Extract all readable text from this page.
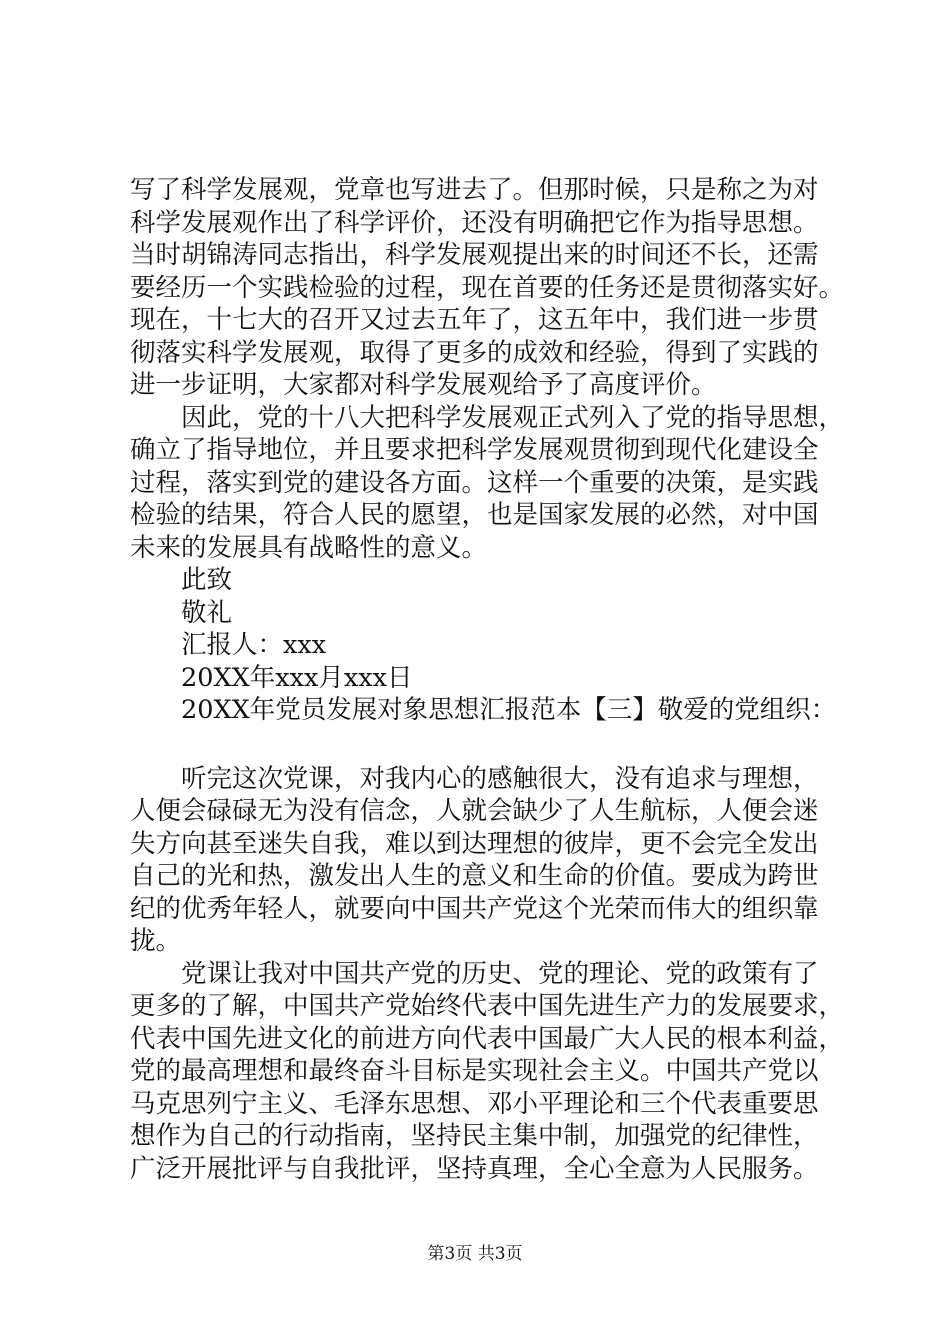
写了科学发展观，党章也写进去了。但那时候，只是称之为对
科学发展观作出了科学评价，还没有明确把它作为指导思想。
当时胡锦涛同志指出，科学发展观提出来的时间还不长，还需
要经历一个实践检验的过程，现在首要的任务还是贯彻落实好。
现在，十七大的召开又过去五年了，这五年中，我们进一步贯
彻落实科学发展观，取得了更多的成效和经验，得到了实践的
进一步证明，大家都对科学发展观给予了高度评价。
因此，党的十八大把科学发展观正式列入了党的指导思想，
确立了指导地位，并且要求把科学发展观贯彻到现代化建设全
过程，落实到党的建设各方面。这样一个重要的决策，是实践
检验的结果，符合人民的愿望，也是国家发展的必然，对中国
未来的发展具有战略性的意义。
此致
敬礼
汇报人：xxx
20XX年xxx月xxx日
20XX年党员发展对象思想汇报范本【三】敬爱的党组织：
听完这次党课，对我内心的感触很大，没有追求与理想，
人便会碌碌无为没有信念，人就会缺少了人生航标，人便会迷
失方向甚至迷失自我，难以到达理想的彼岸，更不会完全发出
自己的光和热，激发出人生的意义和生命的价值。要成为跨世
纪的优秀年轻人，就要向中国共产党这个光荣而伟大的组织靠
拢。
党课让我对中国共产党的历史、党的理论、党的政策有了
更多的了解，中国共产党始终代表中国先进生产力的发展要求，
代表中国先进文化的前进方向代表中国最广大人民的根本利益，
党的最高理想和最终奋斗目标是实现社会主义。中国共产党以
马克思列宁主义、毛泽东思想、邓小平理论和三个代表重要思
想作为自己的行动指南，坚持民主集中制，加强党的纪律性，
广泛开展批评与自我批评，坚持真理，全心全意为人民服务。
第3页 共3页
